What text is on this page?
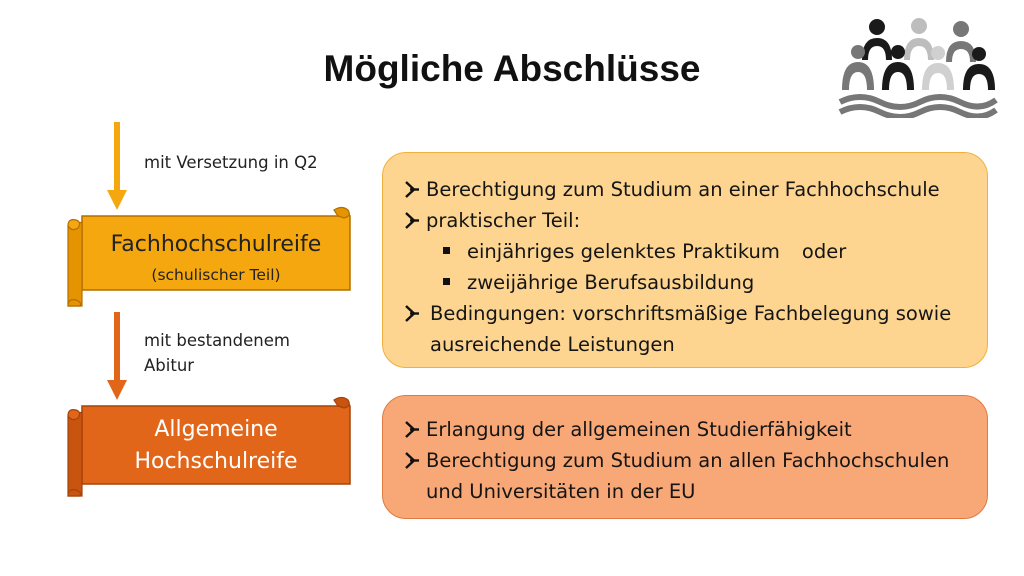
Mögliche Abschlüsse
mit Versetzung in Q2
Fachhochschulreife
(schulischer Teil)
mit bestandenem
Abitur
Allgemeine
Hochschulreife
Berechtigung zum Studium an einer Fachhochschule
praktischer Teil:
einjähriges gelenktes Praktikum oder
zweijährige Berufsausbildung
Bedingungen: vorschriftsmäßige Fachbelegung sowie
ausreichende Leistungen
Erlangung der allgemeinen Studierfähigkeit
Berechtigung zum Studium an allen Fachhochschulen
und Universitäten in der EU
